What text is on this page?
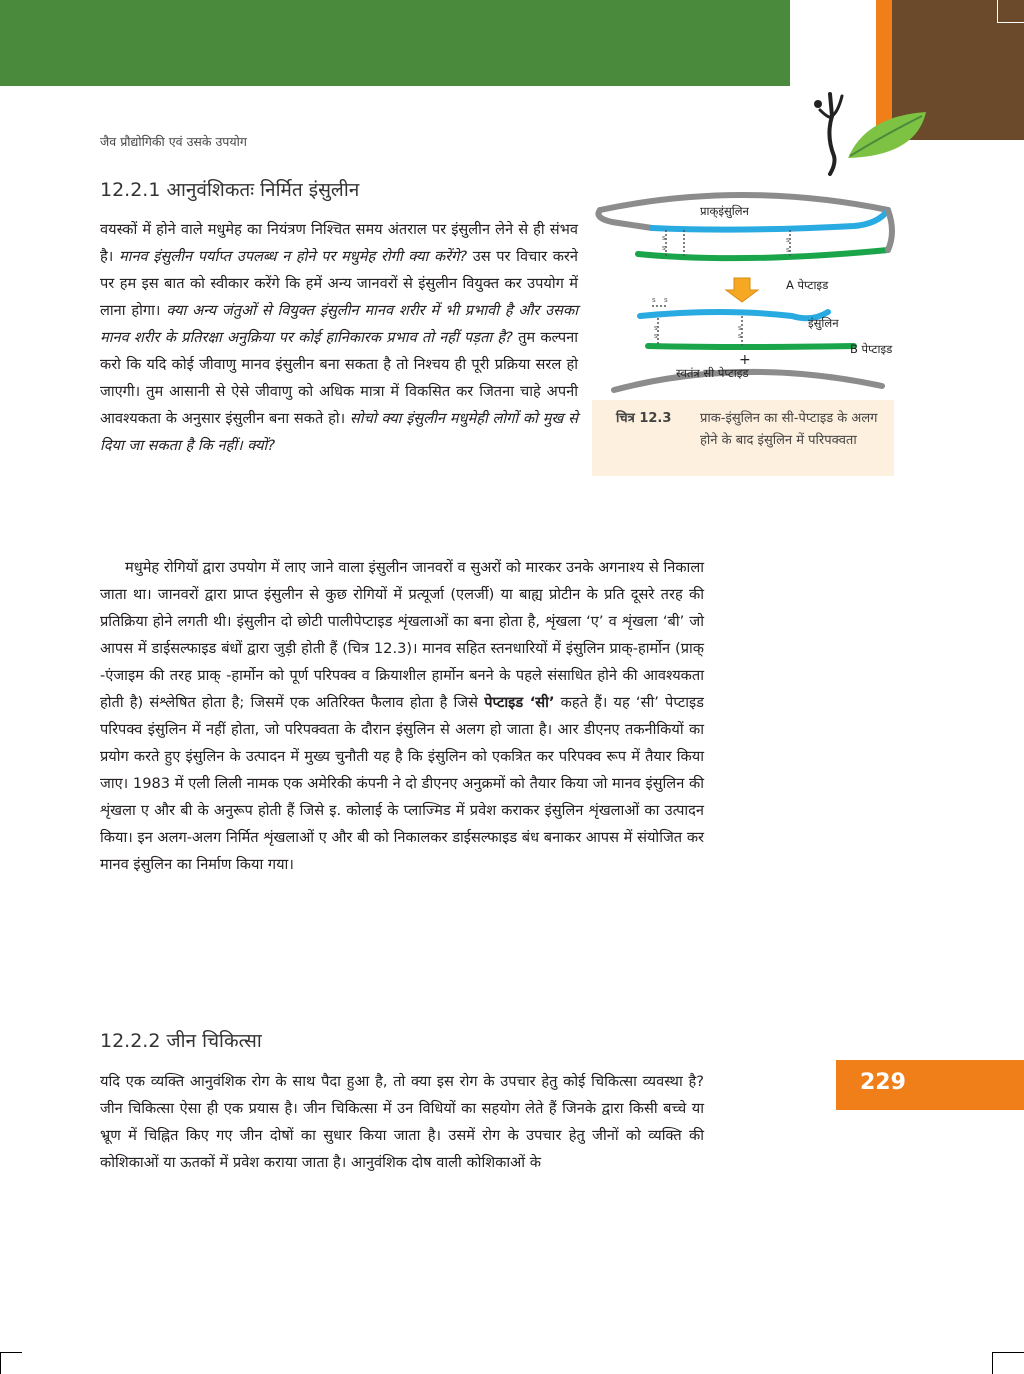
जैव प्रौद्योगिकी एवं उसके उपयोग
12.2.1 आनुवंशिकतः निर्मित इंसुलीन

वयस्कों में होने वाले मधुमेह का नियंत्रण निश्चित समय अंतराल पर इंसुलीन लेने से ही संभव है। मानव इंसुलीन पर्याप्त उपलब्ध न होने पर मधुमेह रोगी क्या करेंगे? उस पर विचार करने पर हम इस बात को स्वीकार करेंगे कि हमें अन्य जानवरों से इंसुलीन वियुक्त कर उपयोग में लाना होगा। क्या अन्य जंतुओं से वियुक्त इंसुलीन मानव शरीर में भी प्रभावी है और उसका मानव शरीर के प्रतिरक्षा अनुक्रिया पर कोई हानिकारक प्रभाव तो नहीं पड़ता है? तुम कल्पना करो कि यदि कोई जीवाणु मानव इंसुलीन बना सकता है तो निश्चय ही पूरी प्रक्रिया सरल हो जाएगी। तुम आसानी से ऐसे जीवाणु को अधिक मात्रा में विकसित कर जितना चाहे अपनी आवश्यकता के अनुसार इंसुलीन बना सकते हो। सोचो क्या इंसुलीन मधुमेही लोगों को मुख से दिया जा सकता है कि नहीं। क्यों?

मधुमेह रोगियों द्वारा उपयोग में लाए जाने वाला इंसुलीन जानवरों व सुअरों को मारकर उनके अगनाश्य से निकाला जाता था। जानवरों द्वारा प्राप्त इंसुलीन से कुछ रोगियों में प्रत्यूर्जा (एलर्जी) या बाह्य प्रोटीन के प्रति दूसरे तरह की प्रतिक्रिया होने लगती थी। इंसुलीन दो छोटी पालीपेप्टाइड शृंखलाओं का बना होता है, शृंखला ‘ए’ व शृंखला ‘बी’ जो आपस में डाईसल्फाइड बंधों द्वारा जुड़ी होती हैं (चित्र 12.3)। मानव सहित स्तनधारियों में इंसुलिन प्राक्-हार्मोन (प्राक् -एंजाइम की तरह प्राक् -हार्मोन को पूर्ण परिपक्व व क्रियाशील हार्मोन बनने के पहले संसाधित होने की आवश्यकता होती है) संश्लेषित होता है; जिसमें एक अतिरिक्त फैलाव होता है जिसे पेप्टाइड ‘सी’ कहते हैं। यह ‘सी’ पेप्टाइड परिपक्व इंसुलिन में नहीं होता, जो परिपक्वता के दौरान इंसुलिन से अलग हो जाता है। आर डीएनए तकनीकियों का प्रयोग करते हुए इंसुलिन के उत्पादन में मुख्य चुनौती यह है कि इंसुलिन को एकत्रित कर परिपक्व रूप में तैयार किया जाए। 1983 में एली लिली नामक एक अमेरिकी कंपनी ने दो डीएनए अनुक्रमों को तैयार किया जो मानव इंसुलिन की शृंखला ए और बी के अनुरूप होती हैं जिसे इ. कोलाई के प्लाज्मिड में प्रवेश कराकर इंसुलिन शृंखलाओं का उत्पादन किया। इन अलग-अलग निर्मित शृंखलाओं ए और बी को निकालकर डाईसल्फाइड बंध बनाकर आपस में संयोजित कर मानव इंसुलिन का निर्माण किया गया।

s
s
s
s
s s
s
s
s
s
+
प्राक्इंसुलिन
A पेप्टाइड
इंसुलिन
B पेप्टाइड
स्वतंत्र सी पेप्टाइड
चित्र 12.3 प्राक-इंसुलिन का सी-पेप्टाइड के अलग होने के बाद इंसुलिन में परिपक्वता
12.2.2 जीन चिकित्सा

यदि एक व्यक्ति आनुवंशिक रोग के साथ पैदा हुआ है, तो क्या इस रोग के उपचार हेतु कोई चिकित्सा व्यवस्था है? जीन चिकित्सा ऐसा ही एक प्रयास है। जीन चिकित्सा में उन विधियों का सहयोग लेते हैं जिनके द्वारा किसी बच्चे या भ्रूण में चिह्नित किए गए जीन दोषों का सुधार किया जाता है। उसमें रोग के उपचार हेतु जीनों को व्यक्ति की कोशिकाओं या ऊतकों में प्रवेश कराया जाता है। आनुवंशिक दोष वाली कोशिकाओं के

229
